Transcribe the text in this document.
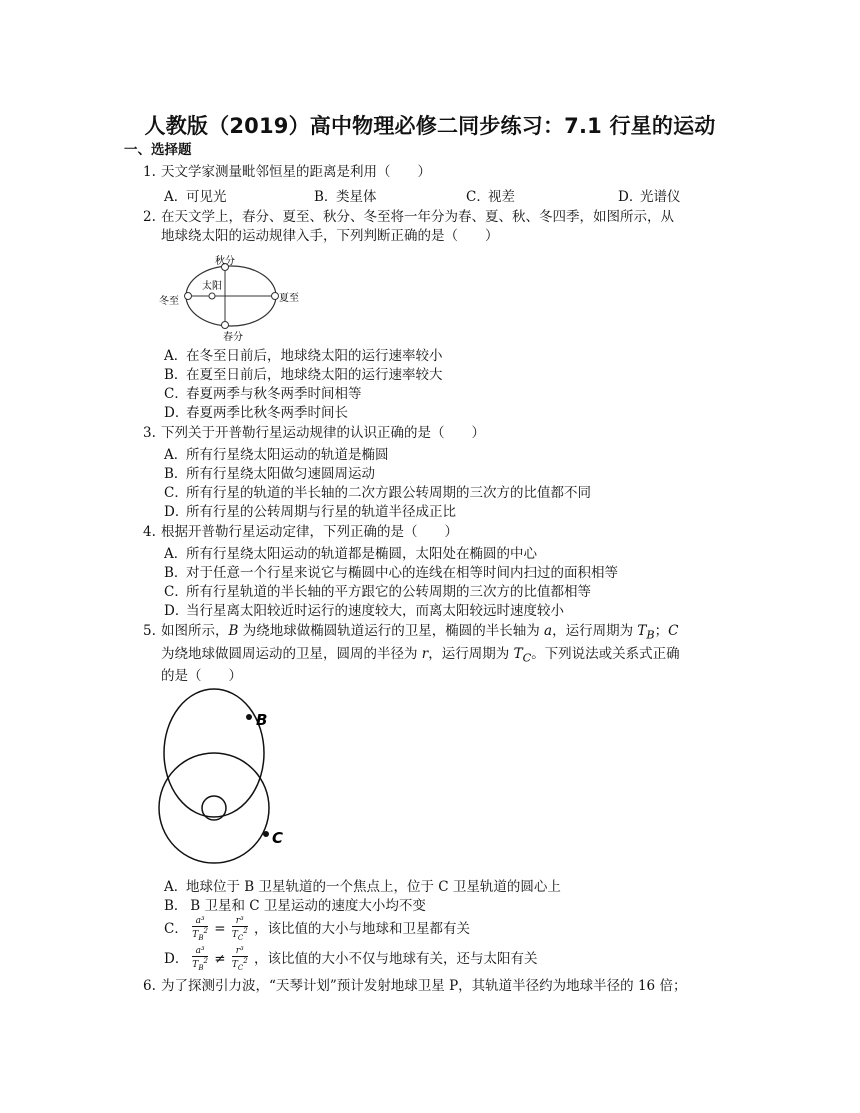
人教版（2019）高中物理必修二同步练习：7.1 行星的运动
一、选择题
1. 天文学家测量毗邻恒星的距离是利用（　　）
A．可见光	B．类星体	C．视差	D．光谱仪
2. 在天文学上，春分、夏至、秋分、冬至将一年分为春、夏、秋、冬四季，如图所示，从
地球绕太阳的运动规律入手，下列判断正确的是（　　）
秋分
太阳
冬至	夏至
春分
A．在冬至日前后，地球绕太阳的运行速率较小
B．在夏至日前后，地球绕太阳的运行速率较大
C．春夏两季与秋冬两季时间相等
D．春夏两季比秋冬两季时间长
3. 下列关于开普勒行星运动规律的认识正确的是（　　）
A．所有行星绕太阳运动的轨道是椭圆
B．所有行星绕太阳做匀速圆周运动
C．所有行星的轨道的半长轴的二次方跟公转周期的三次方的比值都不同
D．所有行星的公转周期与行星的轨道半径成正比
4. 根据开普勒行星运动定律，下列正确的是（　　）
A．所有行星绕太阳运动的轨道都是椭圆，太阳处在椭圆的中心
B．对于任意一个行星来说它与椭圆中心的连线在相等时间内扫过的面积相等
C．所有行星轨道的半长轴的平方跟它的公转周期的三次方的比值都相等
D．当行星离太阳较近时运行的速度较大，而离太阳较远时速度较小
5. 如图所示，B 为绕地球做椭圆轨道运行的卫星，椭圆的半长轴为 a，运行周期为 $T_B$；C
为绕地球做圆周运动的卫星，圆周的半径为 r，运行周期为 $T_C$。下列说法或关系式正确
的是（　　）
B
C
A．地球位于 B 卫星轨道的一个焦点上，位于 C 卫星轨道的圆心上
B． B 卫星和 C 卫星运动的速度大小均不变
C． $\frac{\text{a³}}{T_B^2} = \frac{\text{r³}}{T_C^2}$ ，该比值的大小与地球和卫星都有关
D． $\frac{\text{a³}}{T_B^2} \ne \frac{\text{r³}}{T_C^2}$ ，该比值的大小不仅与地球有关，还与太阳有关
6. 为了探测引力波，“天琴计划”预计发射地球卫星 P，其轨道半径约为地球半径的 16 倍；
